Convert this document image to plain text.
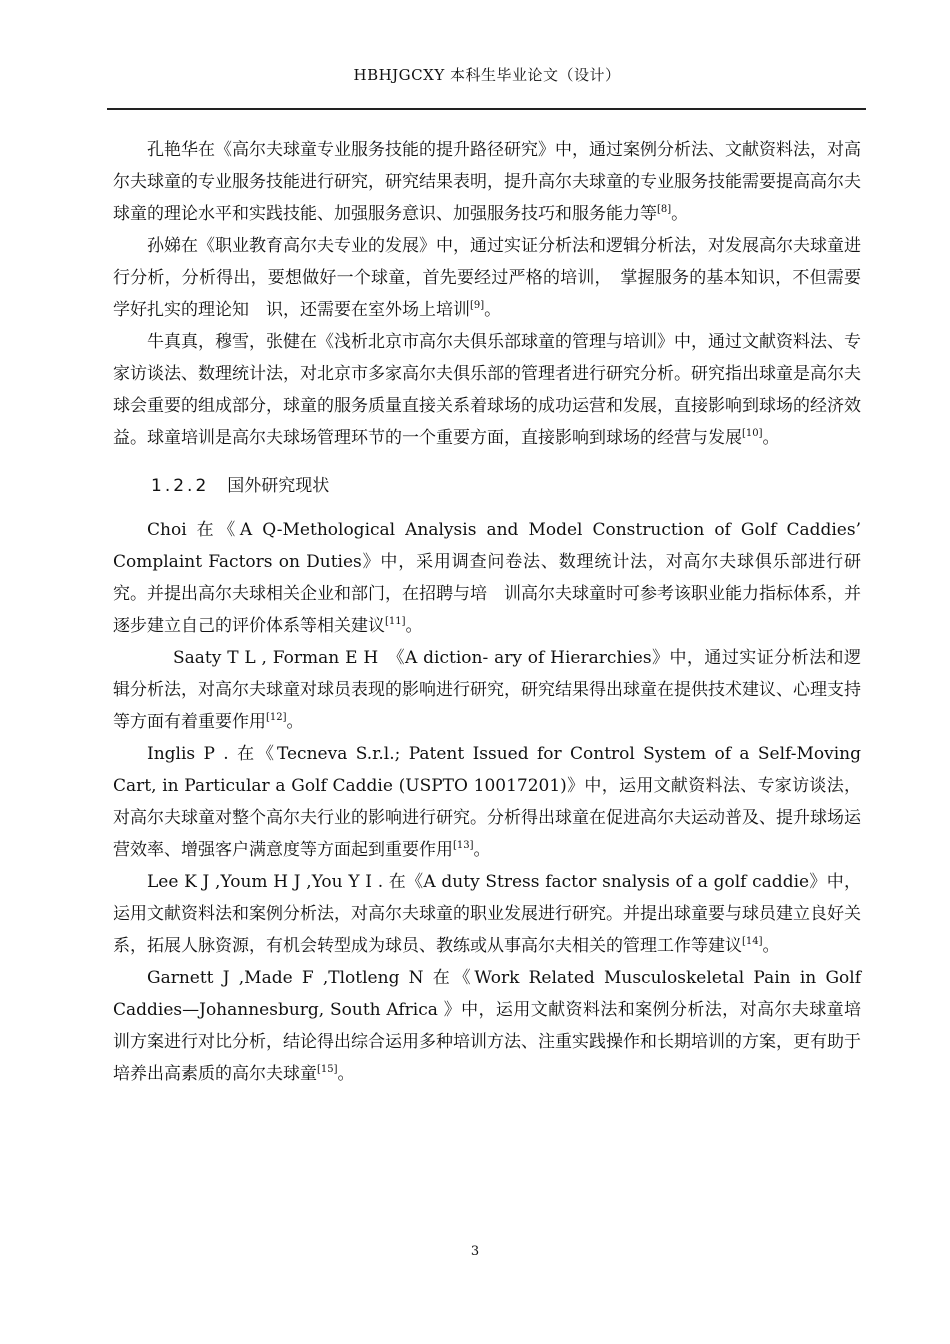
HBHJGCXY 本科生毕业论文（设计）

孔艳华在《高尔夫球童专业服务技能的提升路径研究》中，通过案例分析法、文献资料法，对高尔夫球童的专业服务技能进行研究，研究结果表明，提升高尔夫球童的专业服务技能需要提高高尔夫球童的理论水平和实践技能、加强服务意识、加强服务技巧和服务能力等[8]。

孙娣在《职业教育高尔夫专业的发展》中，通过实证分析法和逻辑分析法，对发展高尔夫球童进行分析，分析得出，要想做好一个球童，首先要经过严格的培训，　掌握服务的基本知识，不但需要学好扎实的理论知　识，还需要在室外场上培训[9]。

牛真真，穆雪，张健在《浅析北京市高尔夫俱乐部球童的管理与培训》中，通过文献资料法、专家访谈法、数理统计法，对北京市多家高尔夫俱乐部的管理者进行研究分析。研究指出球童是高尔夫球会重要的组成部分，球童的服务质量直接关系着球场的成功运营和发展，直接影响到球场的经济效益。球童培训是高尔夫球场管理环节的一个重要方面，直接影响到球场的经营与发展[10]。

1.2.2 国外研究现状

Choi 在《A Q-Methological Analysis and Model Construction of Golf Caddies’ Complaint Factors on Duties》中，采用调查问卷法、数理统计法，对高尔夫球俱乐部进行研究。并提出高尔夫球相关企业和部门，在招聘与培　训高尔夫球童时可参考该职业能力指标体系，并逐步建立自己的评价体系等相关建议[11]。

Saaty T L , Forman E H　《A diction- ary of Hierarchies》中，通过实证分析法和逻辑分析法，对高尔夫球童对球员表现的影响进行研究，研究结果得出球童在提供技术建议、心理支持等方面有着重要作用[12]。

Inglis P . 在《Tecneva S.r.l.; Patent Issued for Control System of a Self-Moving Cart, in Particular a Golf Caddie (USPTO 10017201)》中，运用文献资料法、专家访谈法，对高尔夫球童对整个高尔夫行业的影响进行研究。分析得出球童在促进高尔夫运动普及、提升球场运营效率、增强客户满意度等方面起到重要作用[13]。

Lee K J ,Youm H J ,You Y I . 在《A duty Stress factor snalysis of a golf caddie》中，运用文献资料法和案例分析法，对高尔夫球童的职业发展进行研究。并提出球童要与球员建立良好关系，拓展人脉资源，有机会转型成为球员、教练或从事高尔夫相关的管理工作等建议[14]。

Garnett J ,Made F ,Tlotleng N 在《Work Related Musculoskeletal Pain in Golf Caddies—Johannesburg, South Africa 》中，运用文献资料法和案例分析法，对高尔夫球童培训方案进行对比分析，结论得出综合运用多种培训方法、注重实践操作和长期培训的方案，更有助于培养出高素质的高尔夫球童[15]。

3
